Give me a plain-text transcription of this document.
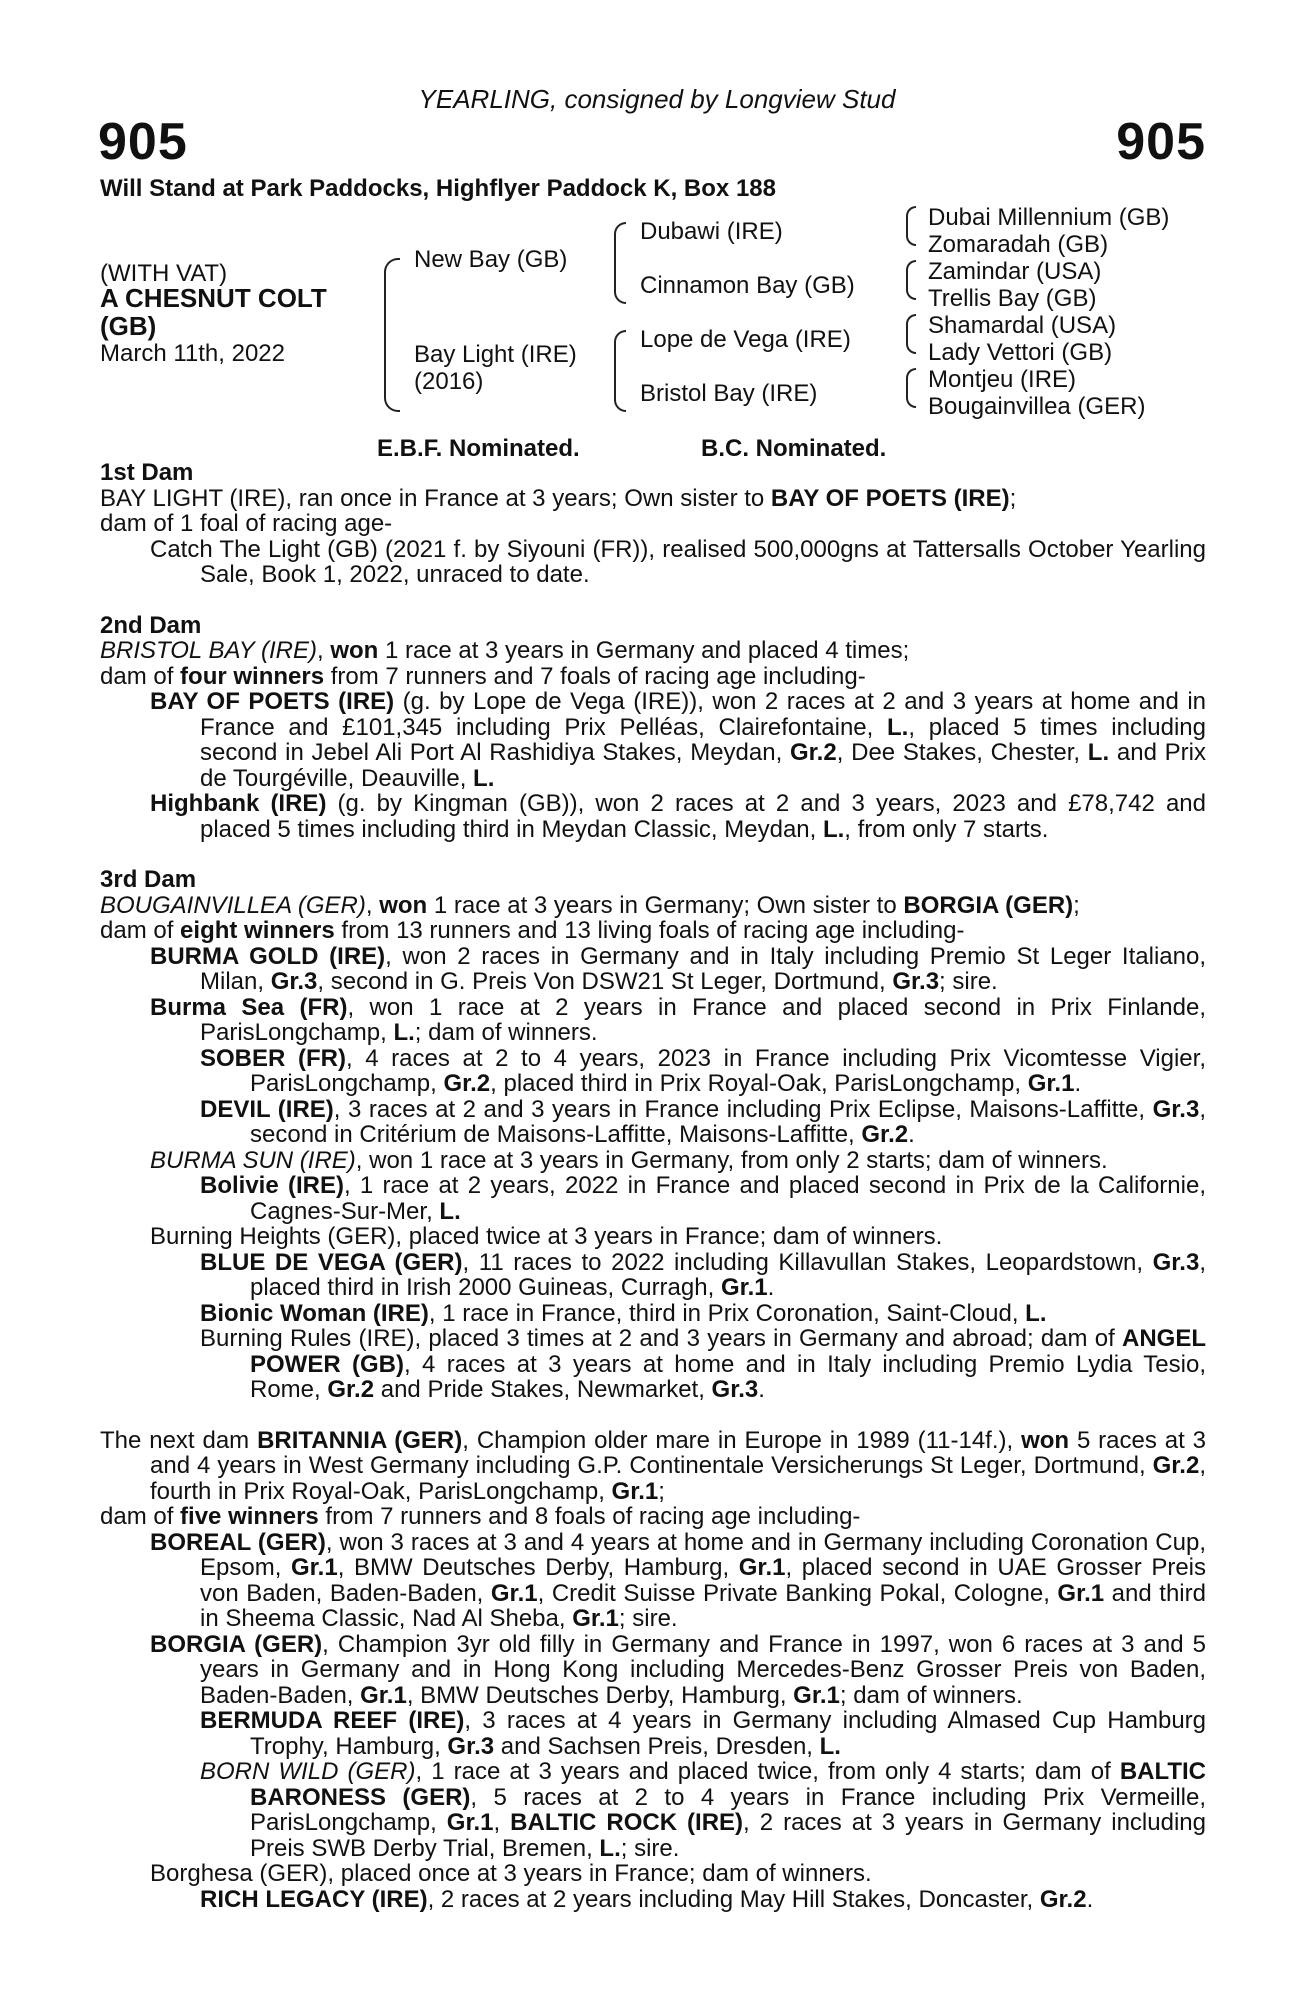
YEARLING, consigned by Longview Stud
905	905
Will Stand at Park Paddocks, Highflyer Paddock K, Box 188
(WITH VAT)
A CHESNUT COLT
(GB)
March 11th, 2022
New Bay (GB)
Bay Light (IRE)
(2016)
Dubawi (IRE)
Cinnamon Bay (GB)
Lope de Vega (IRE)
Bristol Bay (IRE)
Dubai Millennium (GB)
Zomaradah (GB)
Zamindar (USA)
Trellis Bay (GB)
Shamardal (USA)
Lady Vettori (GB)
Montjeu (IRE)
Bougainvillea (GER)
E.B.F. Nominated.	B.C. Nominated.
1st Dam
BAY LIGHT (IRE), ran once in France at 3 years; Own sister to BAY OF POETS (IRE);
dam of 1 foal of racing age-
Catch The Light (GB) (2021 f. by Siyouni (FR)), realised 500,000gns at Tattersalls October Yearling Sale, Book 1, 2022, unraced to date.
2nd Dam
BRISTOL BAY (IRE), won 1 race at 3 years in Germany and placed 4 times;
dam of four winners from 7 runners and 7 foals of racing age including-
BAY OF POETS (IRE) (g. by Lope de Vega (IRE)), won 2 races at 2 and 3 years at home and in France and £101,345 including Prix Pelléas, Clairefontaine, L., placed 5 times including second in Jebel Ali Port Al Rashidiya Stakes, Meydan, Gr.2, Dee Stakes, Chester, L. and Prix de Tourgéville, Deauville, L.
Highbank (IRE) (g. by Kingman (GB)), won 2 races at 2 and 3 years, 2023 and £78,742 and placed 5 times including third in Meydan Classic, Meydan, L., from only 7 starts.
3rd Dam
BOUGAINVILLEA (GER), won 1 race at 3 years in Germany; Own sister to BORGIA (GER);
dam of eight winners from 13 runners and 13 living foals of racing age including-
BURMA GOLD (IRE), won 2 races in Germany and in Italy including Premio St Leger Italiano, Milan, Gr.3, second in G. Preis Von DSW21 St Leger, Dortmund, Gr.3; sire.
Burma Sea (FR), won 1 race at 2 years in France and placed second in Prix Finlande, ParisLongchamp, L.; dam of winners.
SOBER (FR), 4 races at 2 to 4 years, 2023 in France including Prix Vicomtesse Vigier, ParisLongchamp, Gr.2, placed third in Prix Royal-Oak, ParisLongchamp, Gr.1.
DEVIL (IRE), 3 races at 2 and 3 years in France including Prix Eclipse, Maisons-Laffitte, Gr.3, second in Critérium de Maisons-Laffitte, Maisons-Laffitte, Gr.2.
BURMA SUN (IRE), won 1 race at 3 years in Germany, from only 2 starts; dam of winners.
Bolivie (IRE), 1 race at 2 years, 2022 in France and placed second in Prix de la Californie, Cagnes-Sur-Mer, L.
Burning Heights (GER), placed twice at 3 years in France; dam of winners.
BLUE DE VEGA (GER), 11 races to 2022 including Killavullan Stakes, Leopardstown, Gr.3, placed third in Irish 2000 Guineas, Curragh, Gr.1.
Bionic Woman (IRE), 1 race in France, third in Prix Coronation, Saint-Cloud, L.
Burning Rules (IRE), placed 3 times at 2 and 3 years in Germany and abroad; dam of ANGEL POWER (GB), 4 races at 3 years at home and in Italy including Premio Lydia Tesio, Rome, Gr.2 and Pride Stakes, Newmarket, Gr.3.
The next dam BRITANNIA (GER), Champion older mare in Europe in 1989 (11-14f.), won 5 races at 3 and 4 years in West Germany including G.P. Continentale Versicherungs St Leger, Dortmund, Gr.2, fourth in Prix Royal-Oak, ParisLongchamp, Gr.1;
dam of five winners from 7 runners and 8 foals of racing age including-
BOREAL (GER), won 3 races at 3 and 4 years at home and in Germany including Coronation Cup, Epsom, Gr.1, BMW Deutsches Derby, Hamburg, Gr.1, placed second in UAE Grosser Preis von Baden, Baden-Baden, Gr.1, Credit Suisse Private Banking Pokal, Cologne, Gr.1 and third in Sheema Classic, Nad Al Sheba, Gr.1; sire.
BORGIA (GER), Champion 3yr old filly in Germany and France in 1997, won 6 races at 3 and 5 years in Germany and in Hong Kong including Mercedes-Benz Grosser Preis von Baden, Baden-Baden, Gr.1, BMW Deutsches Derby, Hamburg, Gr.1; dam of winners.
BERMUDA REEF (IRE), 3 races at 4 years in Germany including Almased Cup Hamburg Trophy, Hamburg, Gr.3 and Sachsen Preis, Dresden, L.
BORN WILD (GER), 1 race at 3 years and placed twice, from only 4 starts; dam of BALTIC BARONESS (GER), 5 races at 2 to 4 years in France including Prix Vermeille, ParisLongchamp, Gr.1, BALTIC ROCK (IRE), 2 races at 3 years in Germany including Preis SWB Derby Trial, Bremen, L.; sire.
Borghesa (GER), placed once at 3 years in France; dam of winners.
RICH LEGACY (IRE), 2 races at 2 years including May Hill Stakes, Doncaster, Gr.2.
